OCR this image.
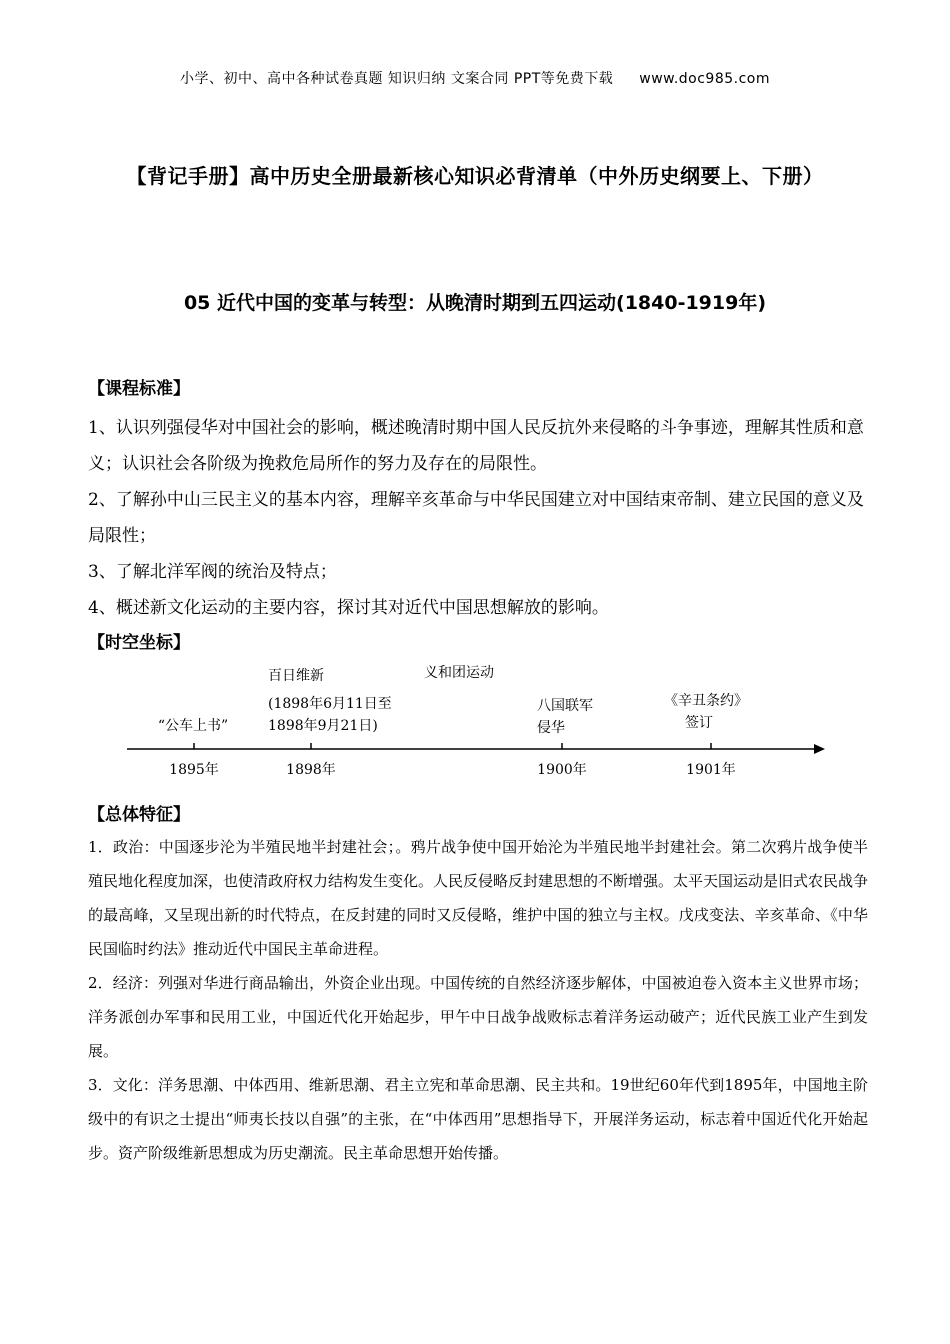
小学、初中、高中各种试卷真题 知识归纳 文案合同 PPT等免费下载 www.doc985.com
【背记手册】高中历史全册最新核心知识必背清单（中外历史纲要上、下册）
05 近代中国的变革与转型：从晚清时期到五四运动(1840-1919年)
【课程标准】

1、认识列强侵华对中国社会的影响，概述晚清时期中国人民反抗外来侵略的斗争事迹，理解其性质和意义；认识社会各阶级为挽救危局所作的努力及存在的局限性。

2、了解孙中山三民主义的基本内容，理解辛亥革命与中华民国建立对中国结束帝制、建立民国的意义及局限性；

3、了解北洋军阀的统治及特点；

4、概述新文化运动的主要内容，探讨其对近代中国思想解放的影响。

【时空坐标】
1895年	1898年	1900年	1901年
“公车上书”
百日维新
(1898年6月11日至
1898年9月21日)
义和团运动
八国联军
侵华
《辛丑条约》
签订
【总体特征】

1．政治：中国逐步沦为半殖民地半封建社会；。鸦片战争使中国开始沦为半殖民地半封建社会。第二次鸦片战争使半殖民地化程度加深，也使清政府权力结构发生变化。人民反侵略反封建思想的不断增强。太平天国运动是旧式农民战争的最高峰，又呈现出新的时代特点，在反封建的同时又反侵略，维护中国的独立与主权。戊戌变法、辛亥革命、《中华民国临时约法》推动近代中国民主革命进程。

2．经济：列强对华进行商品输出，外资企业出现。中国传统的自然经济逐步解体，中国被迫卷入资本主义世界市场；洋务派创办军事和民用工业，中国近代化开始起步，甲午中日战争战败标志着洋务运动破产；近代民族工业产生到发展。

3．文化：洋务思潮、中体西用、维新思潮、君主立宪和革命思潮、民主共和。19世纪60年代到1895年，中国地主阶级中的有识之士提出“师夷长技以自强”的主张，在“中体西用”思想指导下，开展洋务运动，标志着中国近代化开始起步。资产阶级维新思想成为历史潮流。民主革命思想开始传播。
